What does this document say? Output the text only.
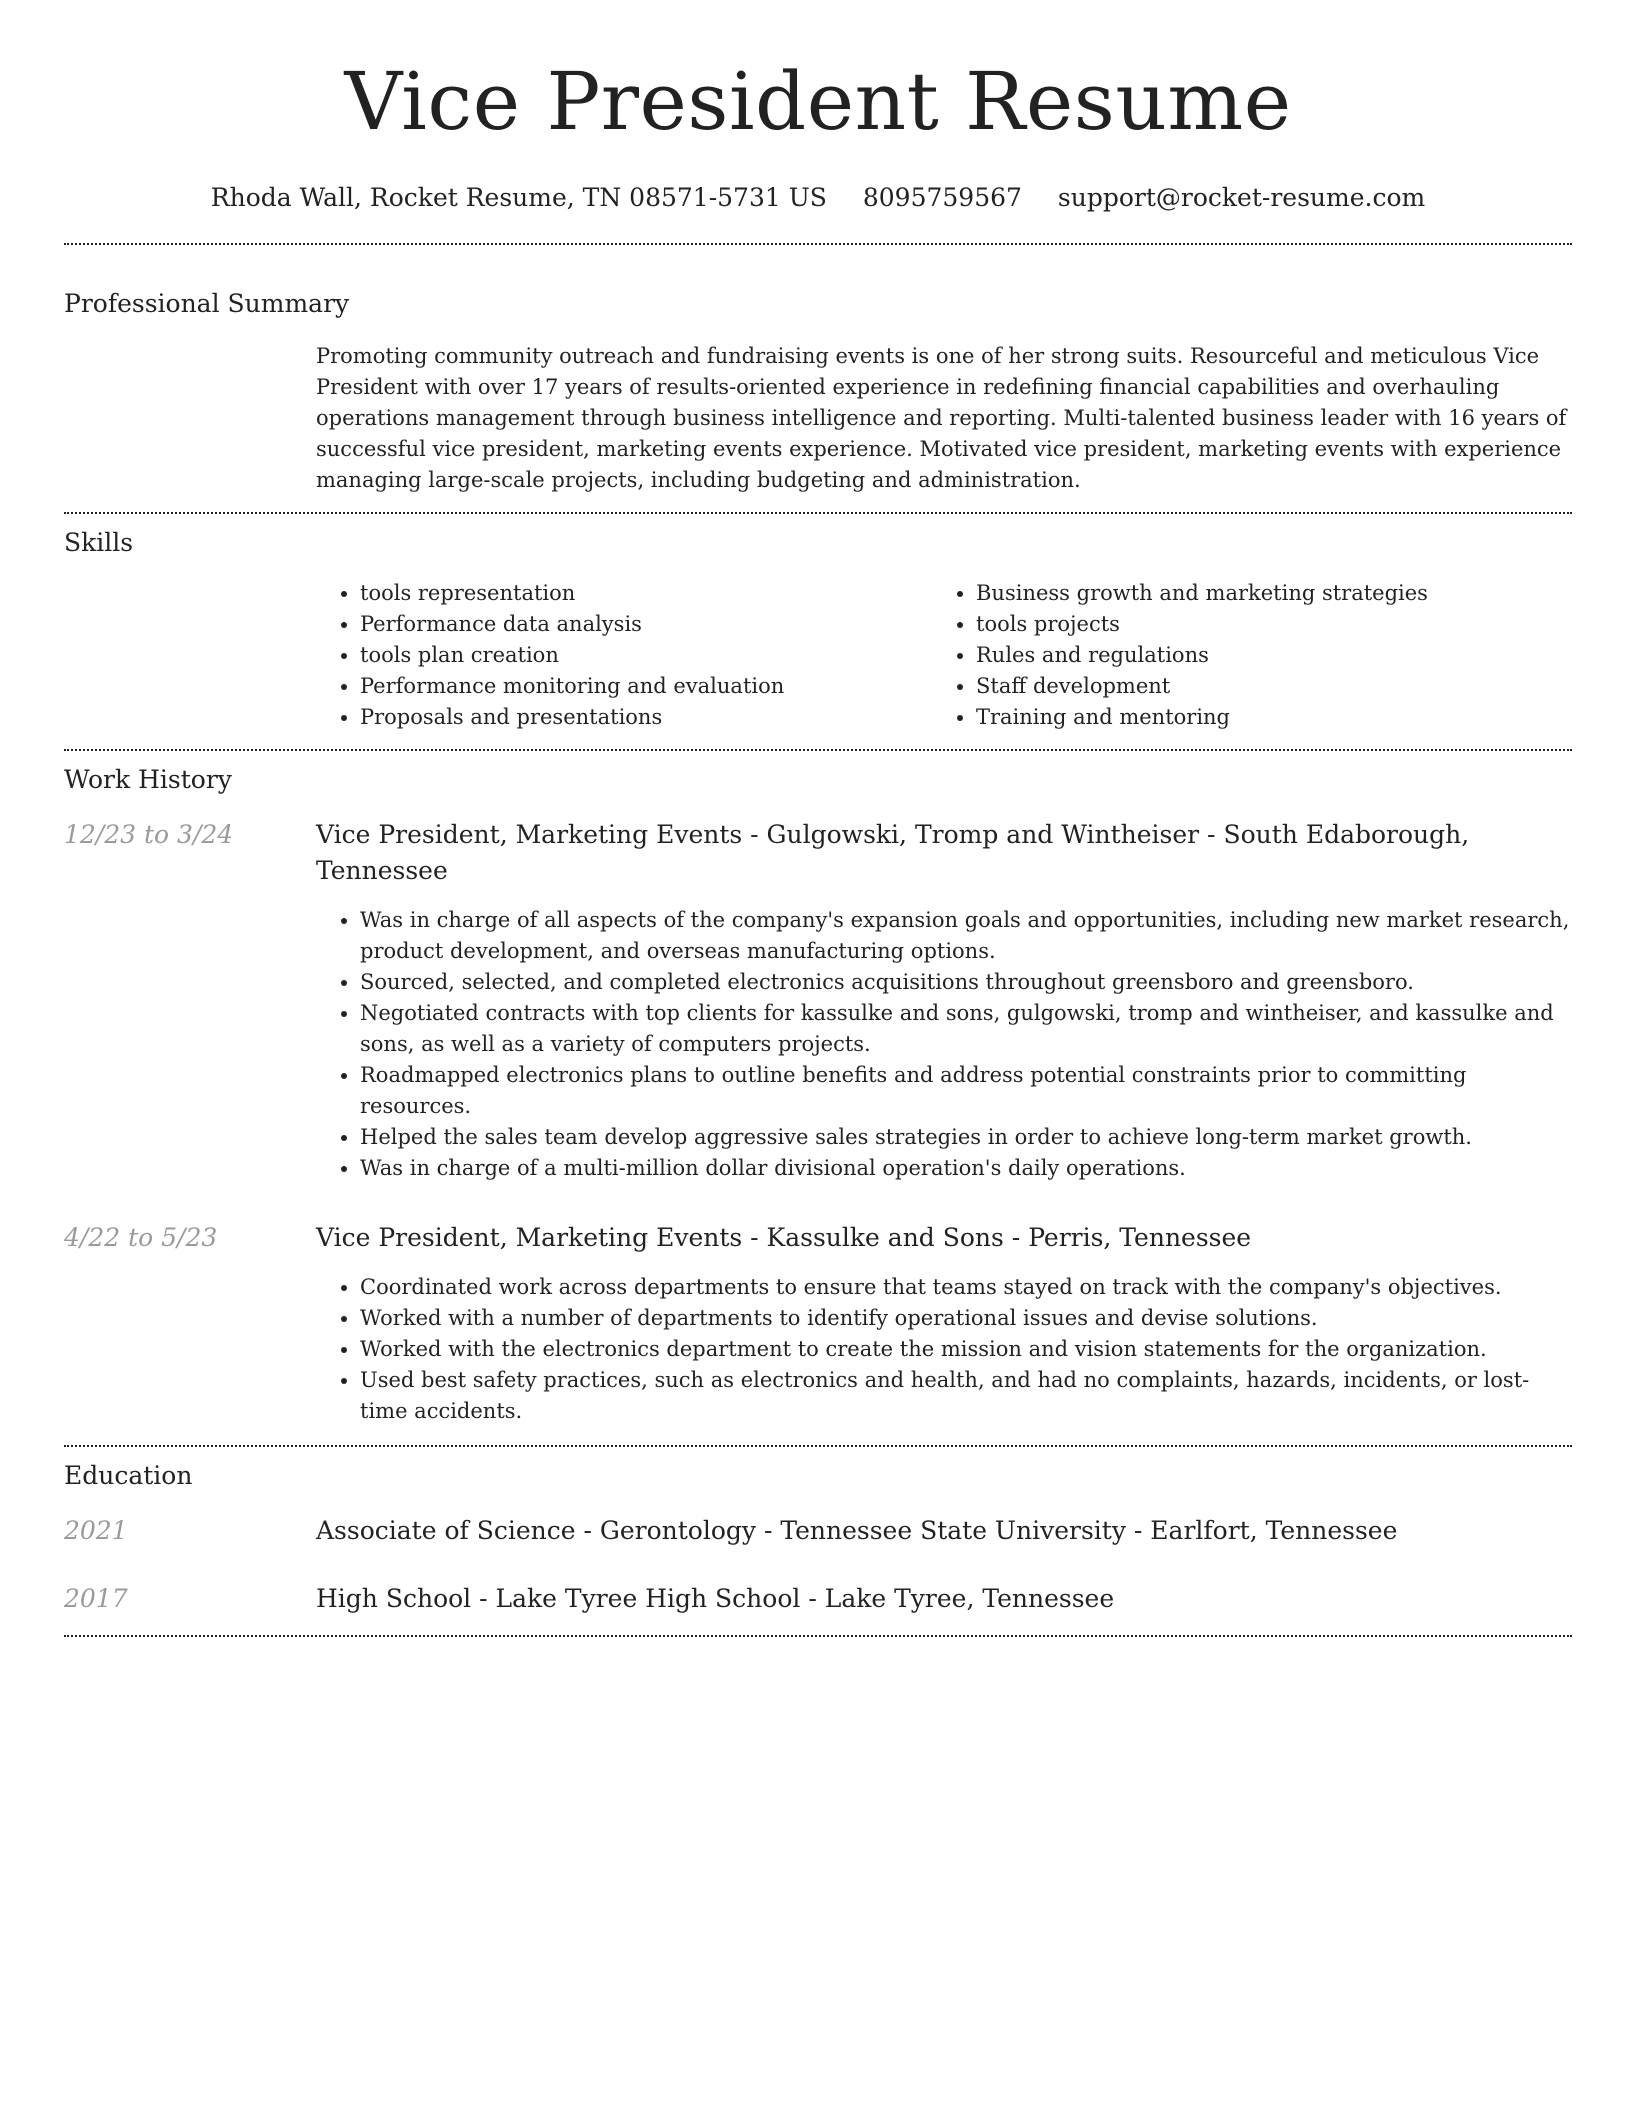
Vice President Resume
Rhoda Wall, Rocket Resume, TN 08571-5731 US 8095759567 support@rocket-resume.com
Professional Summary

Promoting community outreach and fundraising events is one of her strong suits. Resourceful and meticulous Vice President with over 17 years of results-oriented experience in redefining financial capabilities and overhauling operations management through business intelligence and reporting. Multi-talented business leader with 16 years of successful vice president, marketing events experience. Motivated vice president, marketing events with experience managing large-scale projects, including budgeting and administration.

Skills
• tools representation
• Performance data analysis
• tools plan creation
• Performance monitoring and evaluation
• Proposals and presentations
• Business growth and marketing strategies
• tools projects
• Rules and regulations
• Staff development
• Training and mentoring
Work History
12/23 to 3/24	Vice President, Marketing Events - Gulgowski, Tromp and Wintheiser - South Edaborough, Tennessee
• Was in charge of all aspects of the company's expansion goals and opportunities, including new market research, product development, and overseas manufacturing options.
• Sourced, selected, and completed electronics acquisitions throughout greensboro and greensboro.
• Negotiated contracts with top clients for kassulke and sons, gulgowski, tromp and wintheiser, and kassulke and sons, as well as a variety of computers projects.
• Roadmapped electronics plans to outline benefits and address potential constraints prior to committing resources.
• Helped the sales team develop aggressive sales strategies in order to achieve long-term market growth.
• Was in charge of a multi-million dollar divisional operation's daily operations.
4/22 to 5/23	Vice President, Marketing Events - Kassulke and Sons - Perris, Tennessee
• Coordinated work across departments to ensure that teams stayed on track with the company's objectives.
• Worked with a number of departments to identify operational issues and devise solutions.
• Worked with the electronics department to create the mission and vision statements for the organization.
• Used best safety practices, such as electronics and health, and had no complaints, hazards, incidents, or lost-time accidents.
Education
2021	Associate of Science - Gerontology - Tennessee State University - Earlfort, Tennessee
2017	High School - Lake Tyree High School - Lake Tyree, Tennessee
